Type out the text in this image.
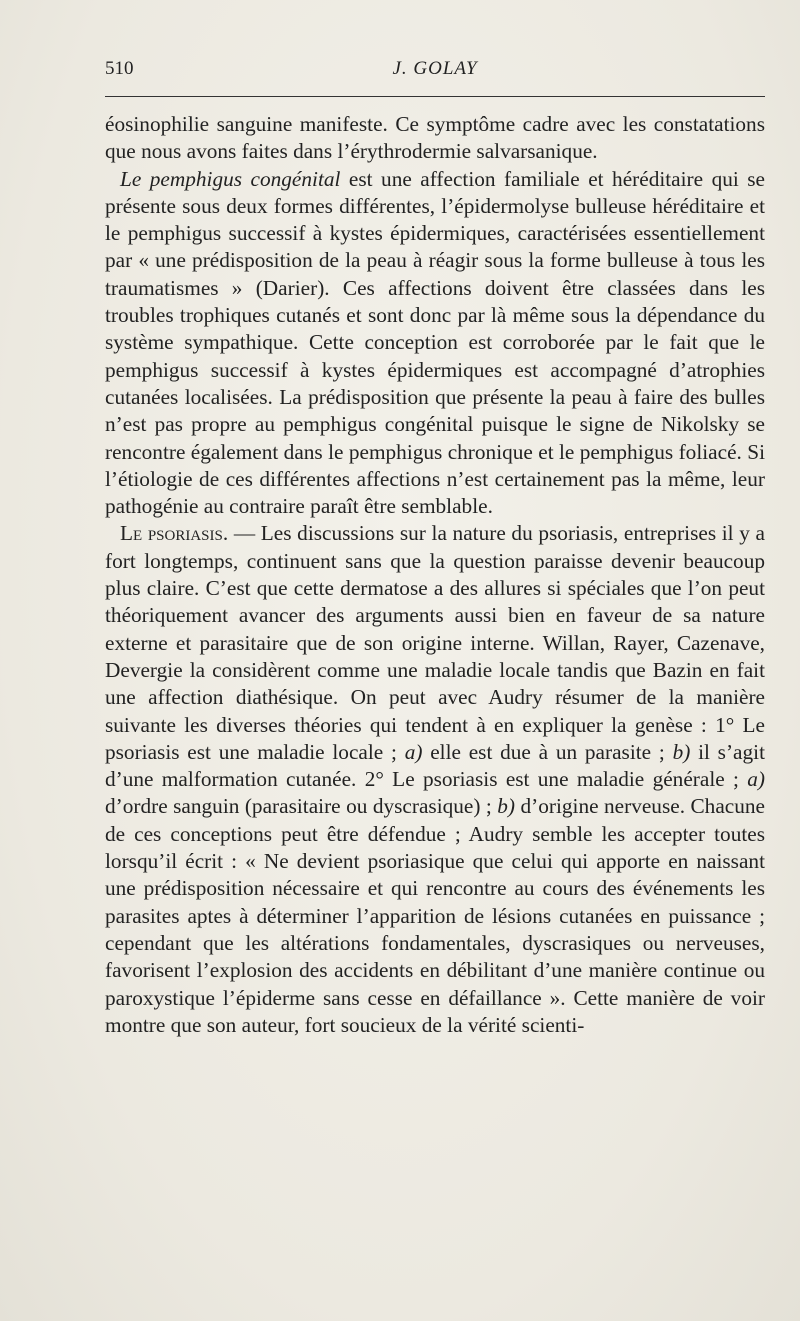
510	J. GOLAY

éosinophilie sanguine manifeste. Ce symptôme cadre avec les constatations que nous avons faites dans l’érythrodermie salvarsanique.

Le pemphigus congénital est une affection familiale et héréditaire qui se présente sous deux formes différentes, l’épidermolyse bulleuse héréditaire et le pemphigus successif à kystes épidermiques, caractérisées essentiellement par « une prédisposition de la peau à réagir sous la forme bulleuse à tous les traumatismes » (Darier). Ces affections doivent être classées dans les troubles trophiques cutanés et sont donc par là même sous la dépendance du système sympathique. Cette conception est corroborée par le fait que le pemphigus successif à kystes épidermiques est accompagné d’atrophies cutanées localisées. La prédisposition que présente la peau à faire des bulles n’est pas propre au pemphigus congénital puisque le signe de Nikolsky se rencontre également dans le pemphigus chronique et le pemphigus foliacé. Si l’étiologie de ces différentes affections n’est certainement pas la même, leur pathogénie au contraire paraît être semblable.

Le psoriasis. — Les discussions sur la nature du psoriasis, entreprises il y a fort longtemps, continuent sans que la question paraisse devenir beaucoup plus claire. C’est que cette dermatose a des allures si spéciales que l’on peut théoriquement avancer des arguments aussi bien en faveur de sa nature externe et parasitaire que de son origine interne. Willan, Rayer, Cazenave, Devergie la considèrent comme une maladie locale tandis que Bazin en fait une affection diathésique. On peut avec Audry résumer de la manière suivante les diverses théories qui tendent à en expliquer la genèse : 1° Le psoriasis est une maladie locale ; a) elle est due à un parasite ; b) il s’agit d’une malformation cutanée. 2° Le psoriasis est une maladie générale ; a) d’ordre sanguin (parasitaire ou dyscrasique) ; b) d’origine nerveuse. Chacune de ces conceptions peut être défendue ; Audry semble les accepter toutes lorsqu’il écrit : « Ne devient psoriasique que celui qui apporte en naissant une prédisposition nécessaire et qui rencontre au cours des événements les parasites aptes à déterminer l’apparition de lésions cutanées en puissance ; cependant que les altérations fondamentales, dyscrasiques ou nerveuses, favorisent l’explosion des accidents en débilitant d’une manière continue ou paroxystique l’épiderme sans cesse en défaillance ». Cette manière de voir montre que son auteur, fort soucieux de la vérité scienti-
